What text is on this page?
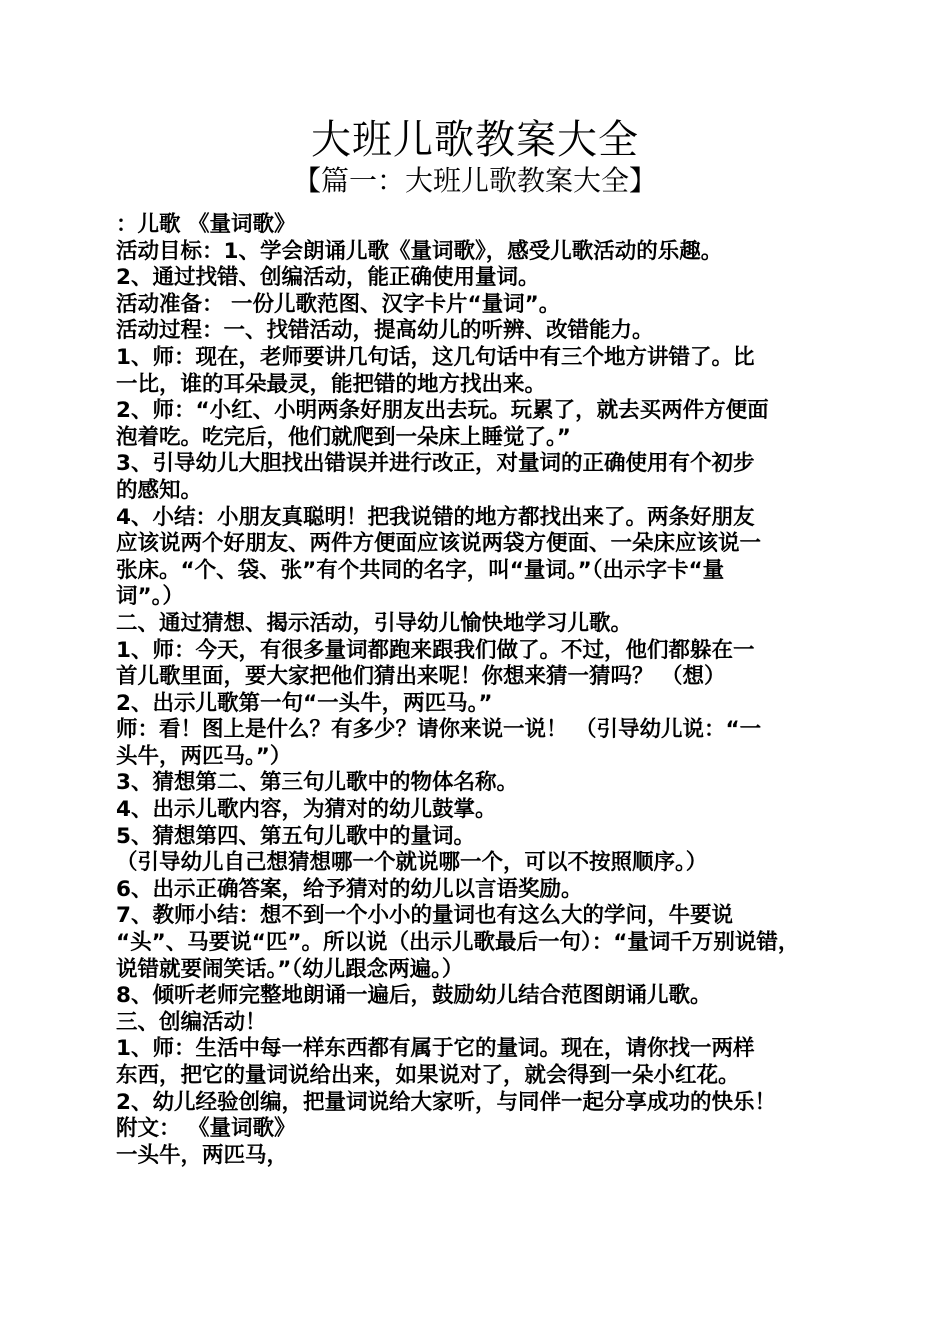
大班儿歌教案大全
【篇一：大班儿歌教案大全】
：儿歌 《量词歌》
活动目标：1、学会朗诵儿歌《量词歌》，感受儿歌活动的乐趣。
2、通过找错、创编活动，能正确使用量词。
活动准备： 一份儿歌范图、汉字卡片“量词”。
活动过程：一、找错活动，提高幼儿的听辨、改错能力。
1、师：现在，老师要讲几句话，这几句话中有三个地方讲错了。比
一比，谁的耳朵最灵，能把错的地方找出来。
2、师：“小红、小明两条好朋友出去玩。玩累了，就去买两件方便面
泡着吃。吃完后，他们就爬到一朵床上睡觉了。”
3、引导幼儿大胆找出错误并进行改正，对量词的正确使用有个初步
的感知。
4、小结：小朋友真聪明！把我说错的地方都找出来了。两条好朋友
应该说两个好朋友、两件方便面应该说两袋方便面、一朵床应该说一
张床。“个、袋、张”有个共同的名字，叫“量词。”（出示字卡“量
词”。）
二、通过猜想、揭示活动，引导幼儿愉快地学习儿歌。
1、师：今天，有很多量词都跑来跟我们做了。不过，他们都躲在一
首儿歌里面，要大家把他们猜出来呢！你想来猜一猜吗？ （想）
2、出示儿歌第一句“一头牛，两匹马。”
师：看！图上是什么？有多少？请你来说一说！ （引导幼儿说：“一
头牛，两匹马。”）
3、猜想第二、第三句儿歌中的物体名称。
4、出示儿歌内容，为猜对的幼儿鼓掌。
5、猜想第四、第五句儿歌中的量词。
（引导幼儿自己想猜想哪一个就说哪一个，可以不按照顺序。）
6、出示正确答案，给予猜对的幼儿以言语奖励。
7、教师小结：想不到一个小小的量词也有这么大的学问，牛要说
“头”、马要说“匹”。所以说（出示儿歌最后一句）：“量词千万别说错，
说错就要闹笑话。”（幼儿跟念两遍。）
8、倾听老师完整地朗诵一遍后，鼓励幼儿结合范图朗诵儿歌。
三、创编活动！
1、师：生活中每一样东西都有属于它的量词。现在，请你找一两样
东西，把它的量词说给出来，如果说对了，就会得到一朵小红花。
2、幼儿经验创编，把量词说给大家听，与同伴一起分享成功的快乐！
附文： 《量词歌》
一头牛，两匹马，
